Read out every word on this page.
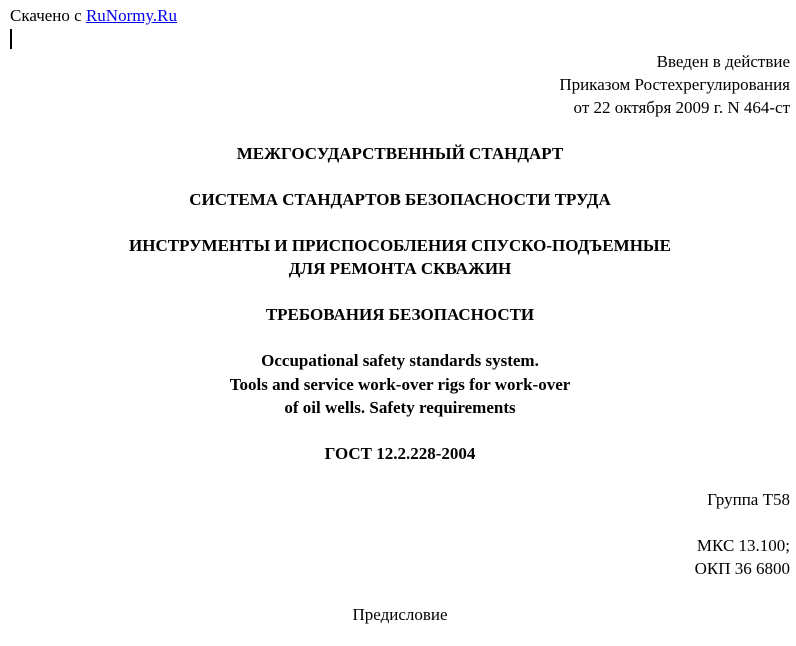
Скачено с RuNormy.Ru
Введен в действие
Приказом Ростехрегулирования
от 22 октября 2009 г. N 464-ст
МЕЖГОСУДАРСТВЕННЫЙ СТАНДАРТ
СИСТЕМА СТАНДАРТОВ БЕЗОПАСНОСТИ ТРУДА
ИНСТРУМЕНТЫ И ПРИСПОСОБЛЕНИЯ СПУСКО-ПОДЪЕМНЫЕ
ДЛЯ РЕМОНТА СКВАЖИН
ТРЕБОВАНИЯ БЕЗОПАСНОСТИ
Occupational safety standards system.
Tools and service work-over rigs for work-over
of oil wells. Safety requirements
ГОСТ 12.2.228-2004
Группа Т58
МКС 13.100;
ОКП 36 6800
Предисловие
